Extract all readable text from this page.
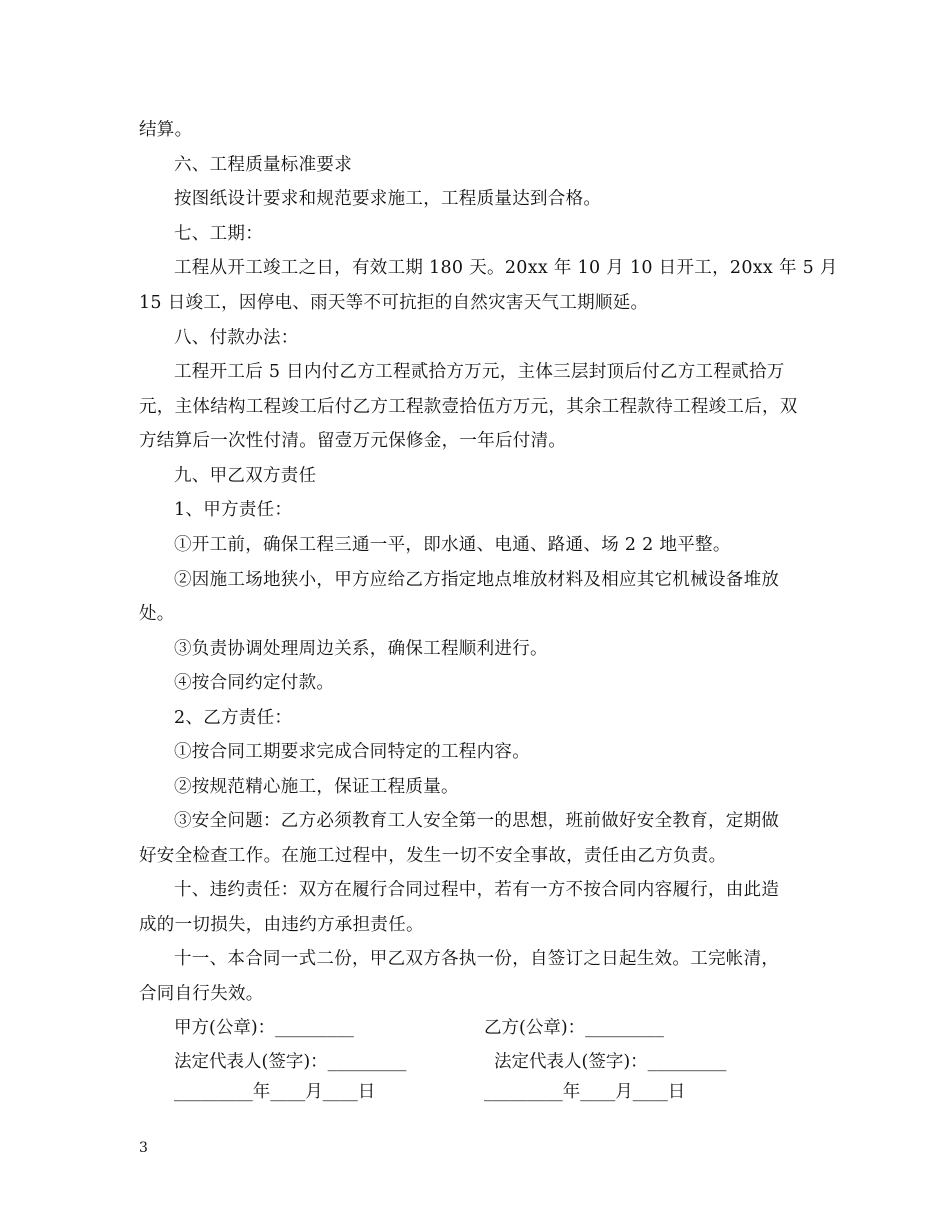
结算。
六、工程质量标准要求
按图纸设计要求和规范要求施工，工程质量达到合格。
七、工期：
工程从开工竣工之日，有效工期 180 天。20xx 年 10 月 10 日开工，20xx 年 5 月
15 日竣工，因停电、雨天等不可抗拒的自然灾害天气工期顺延。
八、付款办法：
工程开工后 5 日内付乙方工程贰拾方万元，主体三层封顶后付乙方工程贰拾万
元，主体结构工程竣工后付乙方工程款壹拾伍方万元，其余工程款待工程竣工后，双
方结算后一次性付清。留壹万元保修金，一年后付清。
九、甲乙双方责任
1、甲方责任：
①开工前，确保工程三通一平，即水通、电通、路通、场 2 2 地平整。
②因施工场地狭小，甲方应给乙方指定地点堆放材料及相应其它机械设备堆放
处。
③负责协调处理周边关系，确保工程顺利进行。
④按合同约定付款。
2、乙方责任：
①按合同工期要求完成合同特定的工程内容。
②按规范精心施工，保证工程质量。
③安全问题：乙方必须教育工人安全第一的思想，班前做好安全教育，定期做
好安全检查工作。在施工过程中，发生一切不安全事故，责任由乙方负责。
十、违约责任：双方在履行合同过程中，若有一方不按合同内容履行，由此造
成的一切损失，由违约方承担责任。
十一、本合同一式二份，甲乙双方各执一份，自签订之日起生效。工完帐清，
合同自行失效。
甲方(公章)：_________	乙方(公章)：_________
法定代表人(签字)：_________	法定代表人(签字)：_________
_________年____月____日	_________年____月____日
3
